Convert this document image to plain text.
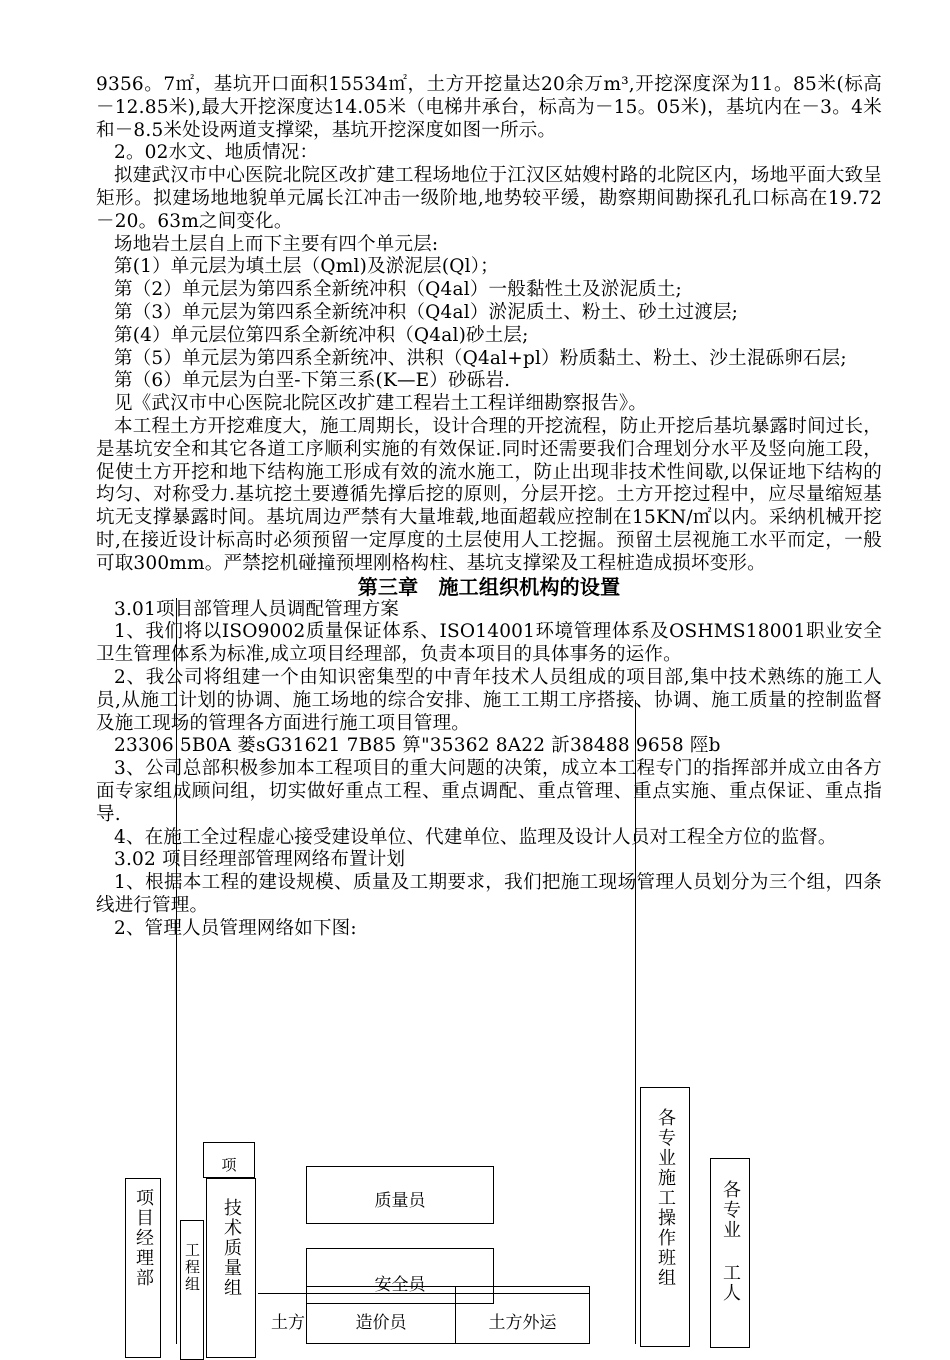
9356。7㎡，基坑开口面积15534㎡，土方开挖量达20余万m³,开挖深度深为11。85米(标高－12.85米),最大开挖深度达14.05米（电梯井承台，标高为－15。05米)，基坑内在－3。4米和－8.5米处设两道支撑梁，基坑开挖深度如图一所示。

2。02水文、地质情况：

拟建武汉市中心医院北院区改扩建工程场地位于江汉区姑嫂村路的北院区内，场地平面大致呈矩形。拟建场地地貌单元属长江冲击一级阶地,地势较平缓，勘察期间勘探孔孔口标高在19.72－20。63m之间变化。

场地岩土层自上而下主要有四个单元层:

第(1）单元层为填土层（Qml)及淤泥层(Ql）；

第（2）单元层为第四系全新统冲积（Q4al）一般黏性土及淤泥质土;

第（3）单元层为第四系全新统冲积（Q4al）淤泥质土、粉土、砂土过渡层;

第(4）单元层位第四系全新统冲积（Q4al)砂土层;

第（5）单元层为第四系全新统冲、洪积（Q4al+pl）粉质黏土、粉土、沙土混砾卵石层;

第（6）单元层为白垩-下第三系(K—E）砂砾岩.

见《武汉市中心医院北院区改扩建工程岩土工程详细勘察报告》。

本工程土方开挖难度大，施工周期长，设计合理的开挖流程，防止开挖后基坑暴露时间过长，是基坑安全和其它各道工序顺利实施的有效保证.同时还需要我们合理划分水平及竖向施工段，促使土方开挖和地下结构施工形成有效的流水施工，防止出现非技术性间歇,以保证地下结构的均匀、对称受力.基坑挖土要遵循先撑后挖的原则，分层开挖。土方开挖过程中，应尽量缩短基坑无支撑暴露时间。基坑周边严禁有大量堆载,地面超载应控制在15KN/㎡以内。采纳机械开挖时,在接近设计标高时必须预留一定厚度的土层使用人工挖掘。预留土层视施工水平而定，一般可取300mm。严禁挖机碰撞预埋刚格构柱、基坑支撑梁及工程桩造成损坏变形。

第三章　施工组织机构的设置

3.01项目部管理人员调配管理方案

1、我们将以ISO9002质量保证体系、ISO14001环境管理体系及OSHMS18001职业安全卫生管理体系为标准,成立项目经理部，负责本项目的具体事务的运作。

2、我公司将组建一个由知识密集型的中青年技术人员组成的项目部,集中技术熟练的施工人员,从施工计划的协调、施工场地的综合安排、施工工期工序搭接、协调、施工质量的控制监督及施工现场的管理各方面进行施工项目管理。

23306 5B0A 蒌sG31621 7B85 箅"35362 8A22 訢38488 9658 陘b

3、公司总部积极参加本工程项目的重大问题的决策，成立本工程专门的指挥部并成立由各方面专家组成顾问组，切实做好重点工程、重点调配、重点管理、重点实施、重点保证、重点指导.

4、在施工全过程虚心接受建设单位、代建单位、监理及设计人员对工程全方位的监督。

3.02 项目经理部管理网络布置计划

1、根据本工程的建设规模、质量及工期要求，我们把施工现场管理人员划分为三个组，四条线进行管理。

2、管理人员管理网络如下图:

项目经理部 工程组
项
技术质量组	质量员
安全员
造价员
土方	土方外运
各专业施工操作班组 各专业 工人
